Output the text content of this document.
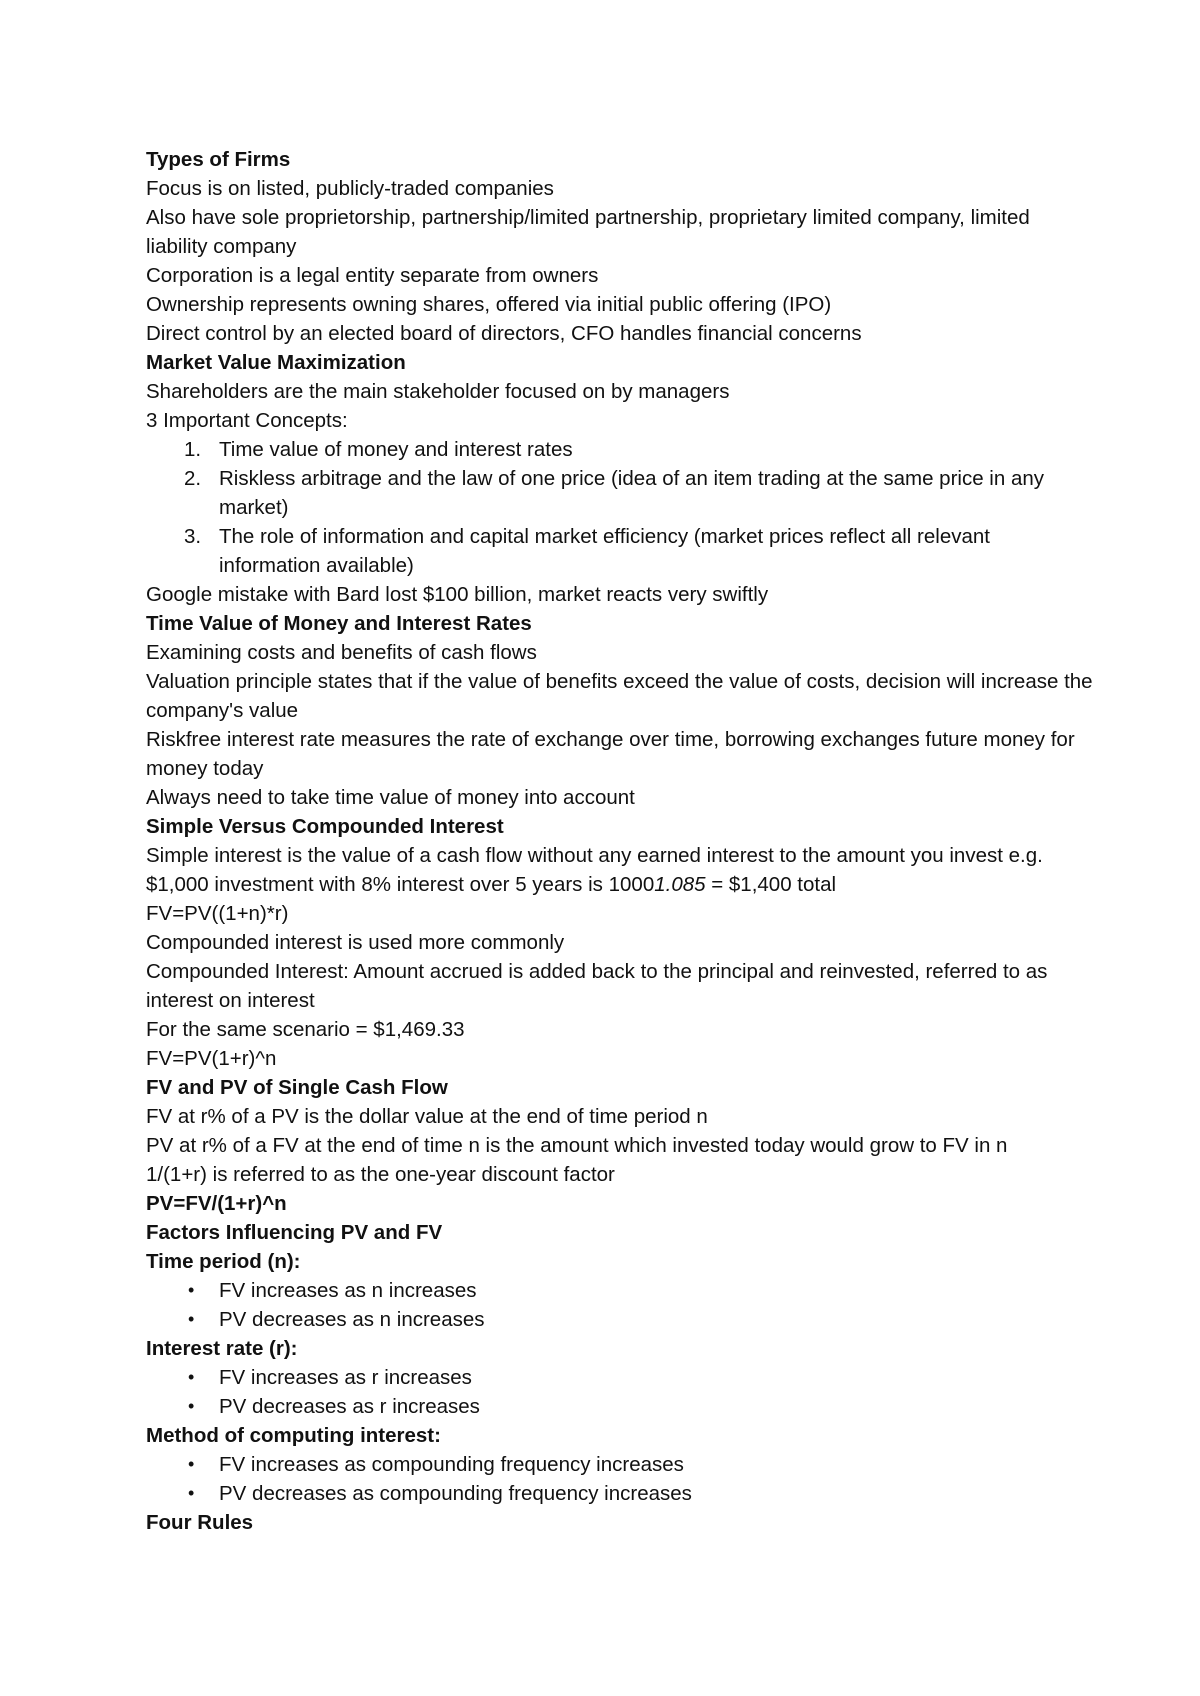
Types of Firms

Focus is on listed, publicly-traded companies

Also have sole proprietorship, partnership/limited partnership, proprietary limited company, limited liability company

Corporation is a legal entity separate from owners

Ownership represents owning shares, offered via initial public offering (IPO)

Direct control by an elected board of directors, CFO handles financial concerns

Market Value Maximization

Shareholders are the main stakeholder focused on by managers

3 Important Concepts:

1. Time value of money and interest rates
2. Riskless arbitrage and the law of one price (idea of an item trading at the same price in any market)
3. The role of information and capital market efficiency (market prices reflect all relevant information available)

Google mistake with Bard lost $100 billion, market reacts very swiftly

Time Value of Money and Interest Rates

Examining costs and benefits of cash flows

Valuation principle states that if the value of benefits exceed the value of costs, decision will increase the company's value

Riskfree interest rate measures the rate of exchange over time, borrowing exchanges future money for money today

Always need to take time value of money into account

Simple Versus Compounded Interest

Simple interest is the value of a cash flow without any earned interest to the amount you invest e.g. $1,000 investment with 8% interest over 5 years is 10001.085 = $1,400 total

FV=PV((1+n)*r)

Compounded interest is used more commonly

Compounded Interest: Amount accrued is added back to the principal and reinvested, referred to as interest on interest

For the same scenario = $1,469.33

FV=PV(1+r)^n

FV and PV of Single Cash Flow

FV at r% of a PV is the dollar value at the end of time period n

PV at r% of a FV at the end of time n is the amount which invested today would grow to FV in n

1/(1+r) is referred to as the one-year discount factor

PV=FV/(1+r)^n

Factors Influencing PV and FV

Time period (n):

• FV increases as n increases
• PV decreases as n increases

Interest rate (r):

• FV increases as r increases
• PV decreases as r increases

Method of computing interest:

• FV increases as compounding frequency increases
• PV decreases as compounding frequency increases

Four Rules
